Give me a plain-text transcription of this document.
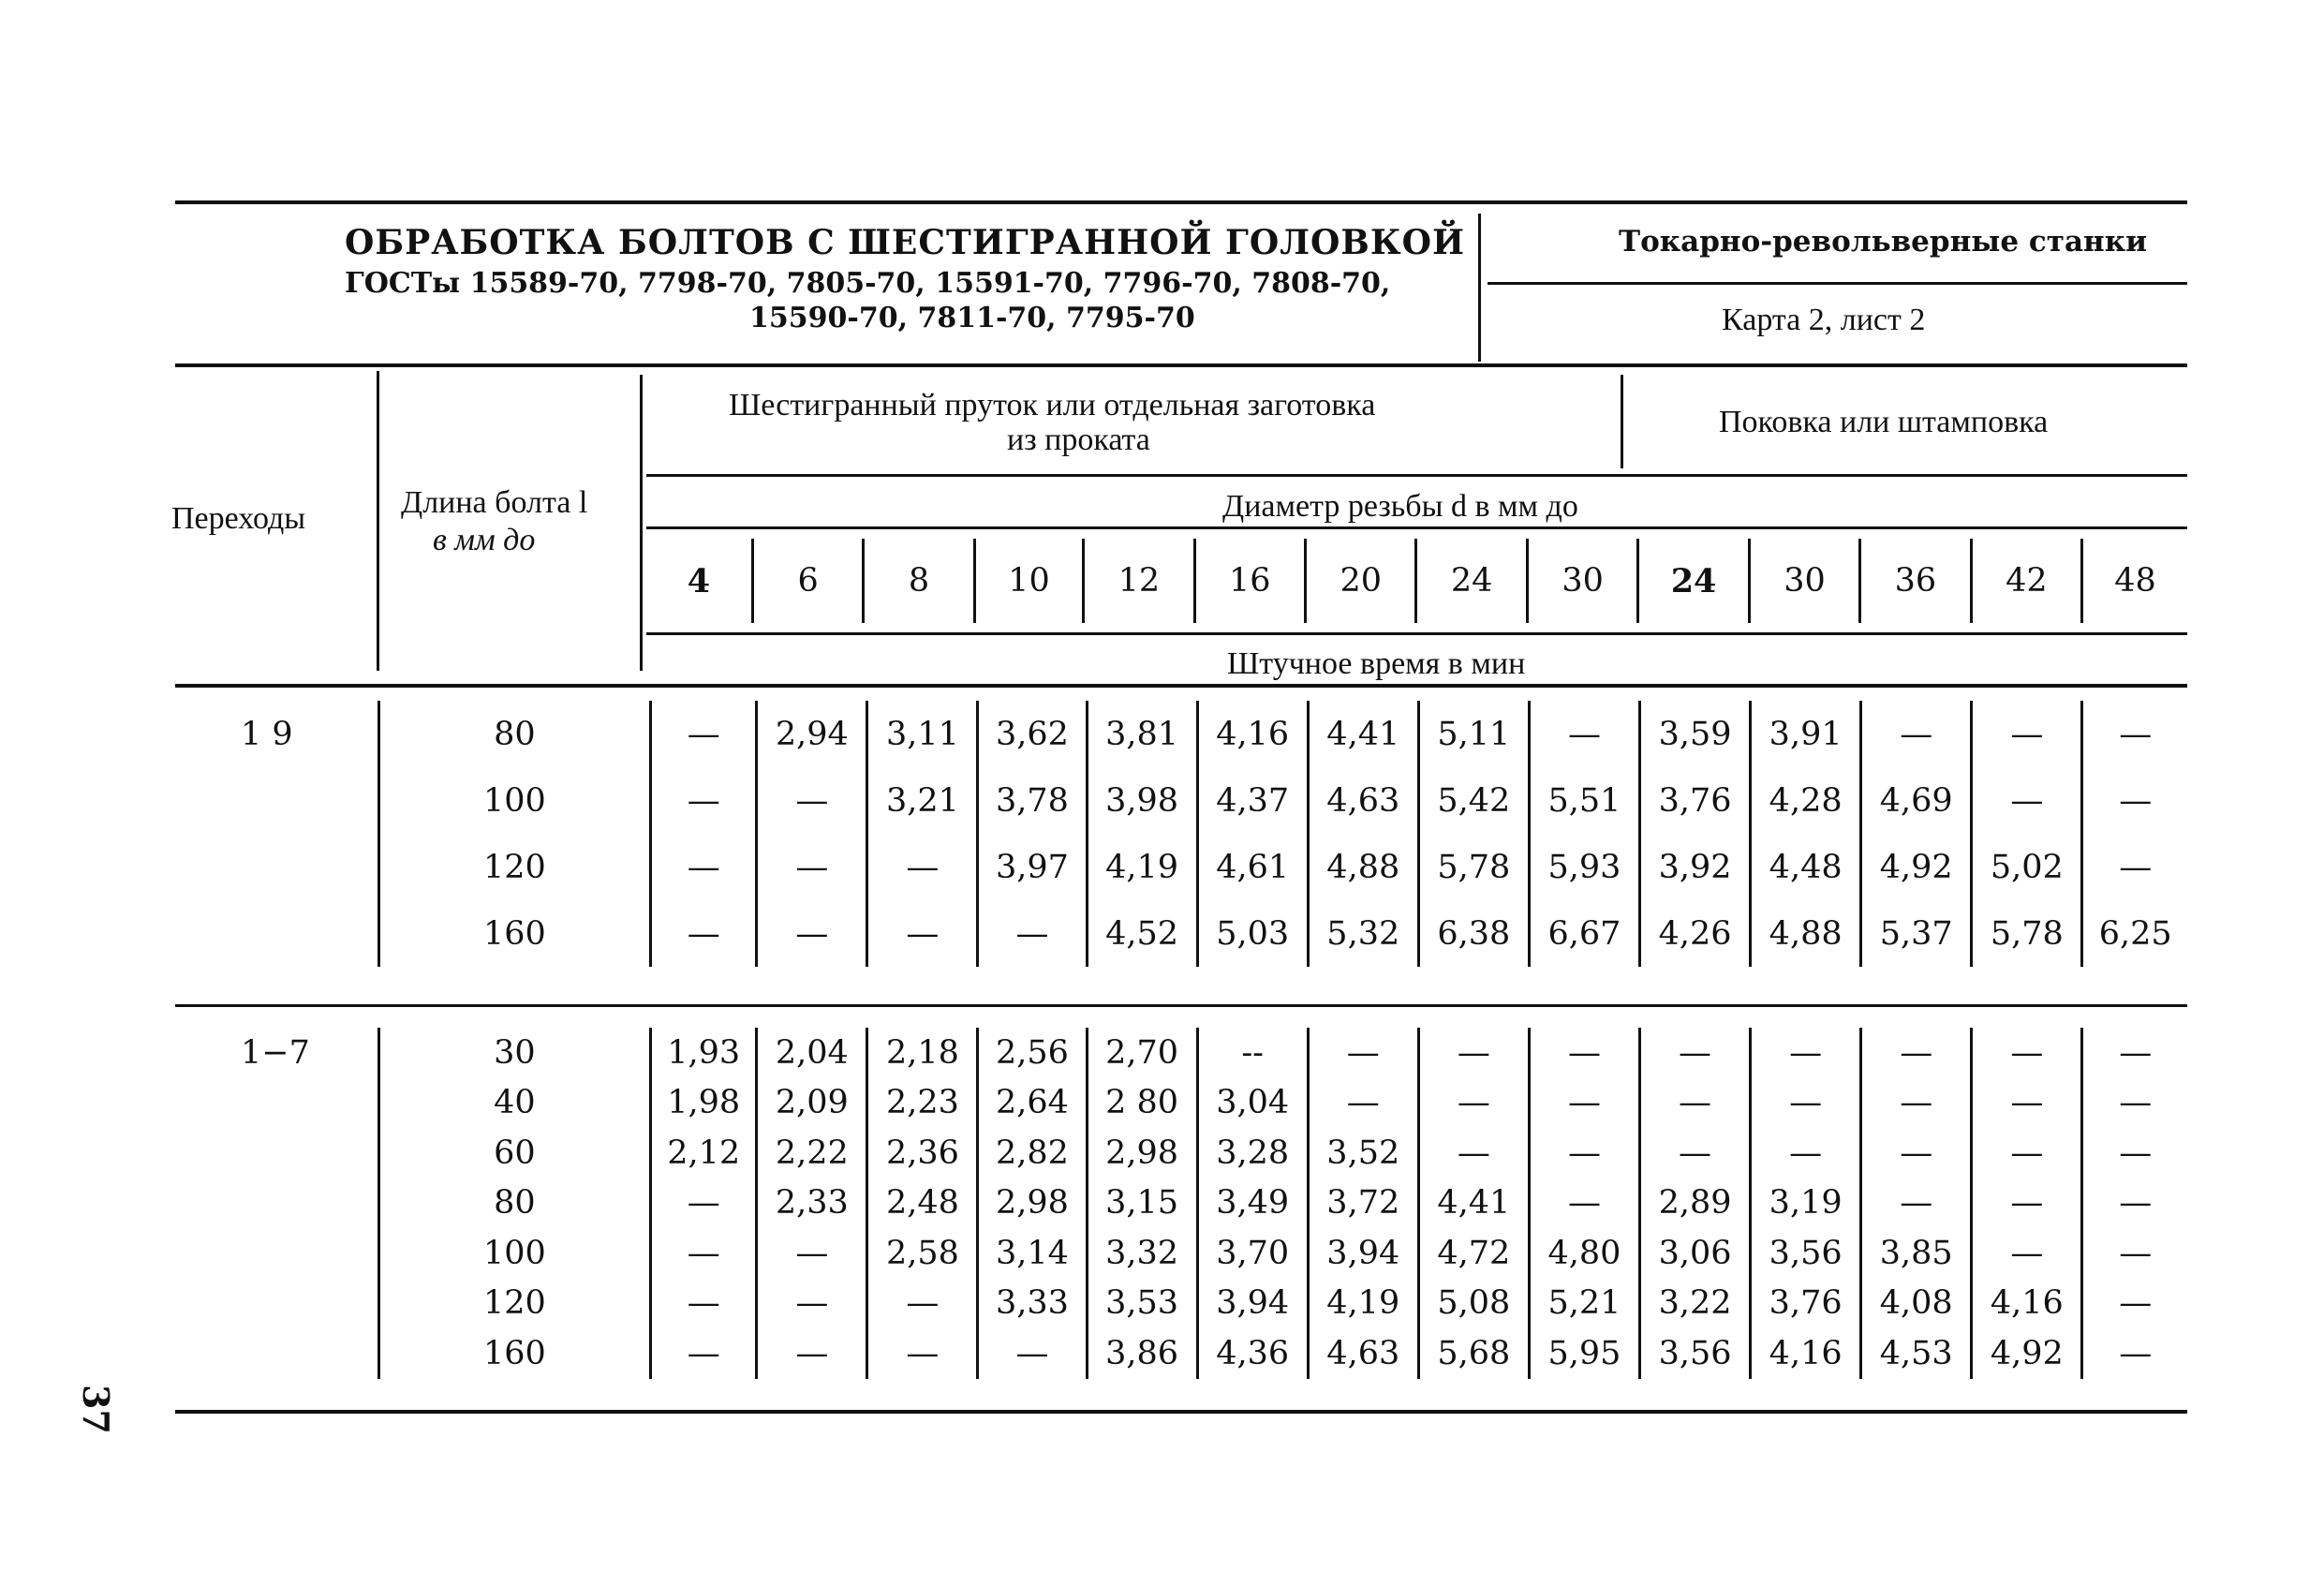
ОБРАБОТКА БОЛТОВ С ШЕСТИГРАННОЙ ГОЛОВКОЙ
ГОСТы 15589-70, 7798-70, 7805-70, 15591-70, 7796-70, 7808-70,
15590-70, 7811-70, 7795-70
Токарно-револьверные станки
Карта 2, лист 2
Переходы	Длина болта l
в мм до
Шестигранный пруток или отдельная заготовка
из проката
Поковка или штамповка
Диаметр резьбы d в мм до
4	6	8	10	12	16	20	24	30	24	30	36	42	48
Штучное время в мин
1 9	80	—	2,94	3,11	3,62	3,81	4,16	4,41	5,11	—	3,59	3,91	—	—	—
	100	—	—	3,21	3,78	3,98	4,37	4,63	5,42	5,51	3,76	4,28	4,69	—	—
	120	—	—	—	3,97	4,19	4,61	4,88	5,78	5,93	3,92	4,48	4,92	5,02	—
	160	—	—	—	—	4,52	5,03	5,32	6,38	6,67	4,26	4,88	5,37	5,78	6,25

1−7	30	1,93	2,04	2,18	2,56	2,70	--	—	—	—	—	—	—	—	—
	40	1,98	2,09	2,23	2,64	2 80	3,04	—	—	—	—	—	—	—	—
	60	2,12	2,22	2,36	2,82	2,98	3,28	3,52	—	—	—	—	—	—	—
	80	—	2,33	2,48	2,98	3,15	3,49	3,72	4,41	—	2,89	3,19	—	—	—
	100	—	—	2,58	3,14	3,32	3,70	3,94	4,72	4,80	3,06	3,56	3,85	—	—
	120	—	—	—	3,33	3,53	3,94	4,19	5,08	5,21	3,22	3,76	4,08	4,16	—
	160	—	—	—	—	3,86	4,36	4,63	5,68	5,95	3,56	4,16	4,53	4,92	—
37
